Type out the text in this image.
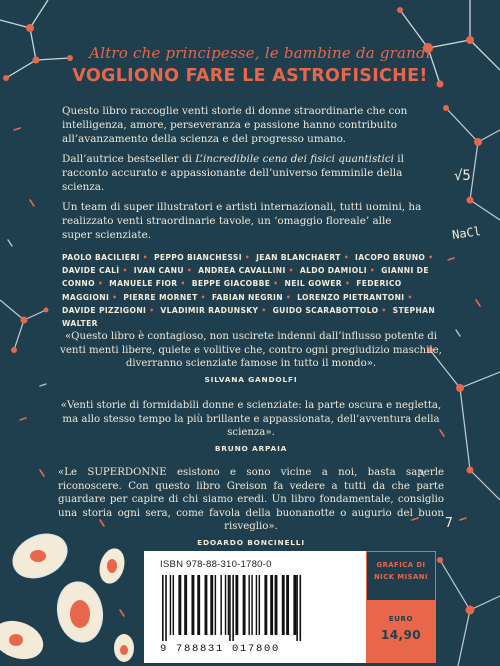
√5
NaCl
7
Altro che principesse, le bambine da grandi
VOGLIONO FARE LE ASTROFISICHE!
Questo libro raccoglie venti storie di donne straordinarie che con intelligenza, amore, perseveranza e passione hanno contribuito all’avanzamento della scienza e del progresso umano.
Dall’autrice bestseller di L’incredibile cena dei fisici quantistici il racconto accurato e appassionante dell’universo femminile della scienza.
Un team di super illustratori e artisti internazionali, tutti uomini, ha realizzato venti straordinarie tavole, un ‘omaggio floreale’ alle super scienziate.
PAOLO BACILIERI • PEPPO BIANCHESSI • JEAN BLANCHAERT • IACOPO BRUNO • DAVIDE CALÌ • IVAN CANU • ANDREA CAVALLINI • ALDO DAMIOLI • GIANNI DE CONNO • MANUELE FIOR • BEPPE GIACOBBE • NEIL GOWER • FEDERICO MAGGIONI • PIERRE MORNET • FABIAN NEGRIN • LORENZO PIETRANTONI • DAVIDE PIZZIGONI • VLADIMIR RADUNSKY • GUIDO SCARABOTTOLO • STEPHAN WALTER
«Questo libro è contagioso, non uscirete indenni dall’influsso potente di venti menti libere, quiete e volitive che, contro ogni pregiudizio maschile, diverranno scienziate famose in tutto il mondo».
SILVANA GANDOLFI
«Venti storie di formidabili donne e scienziate: la parte oscura e negletta, ma allo stesso tempo la più brillante e appassionata, dell’avventura della scienza».
BRUNO ARPAIA
«Le SUPERDONNE esistono e sono vicine a noi, basta saperle riconoscere. Con questo libro Greison fa vedere a tutti da che parte guardare per capire di chi siamo eredi. Un libro fondamentale, consiglio una storia ogni sera, come favola della buonanotte o augurio del buon risveglio».
EDOARDO BONCINELLI
ISBN 978-88-310-1780-0
9 788831 017800
GRAFICA DI
NICK MISANI
EURO
14,90
